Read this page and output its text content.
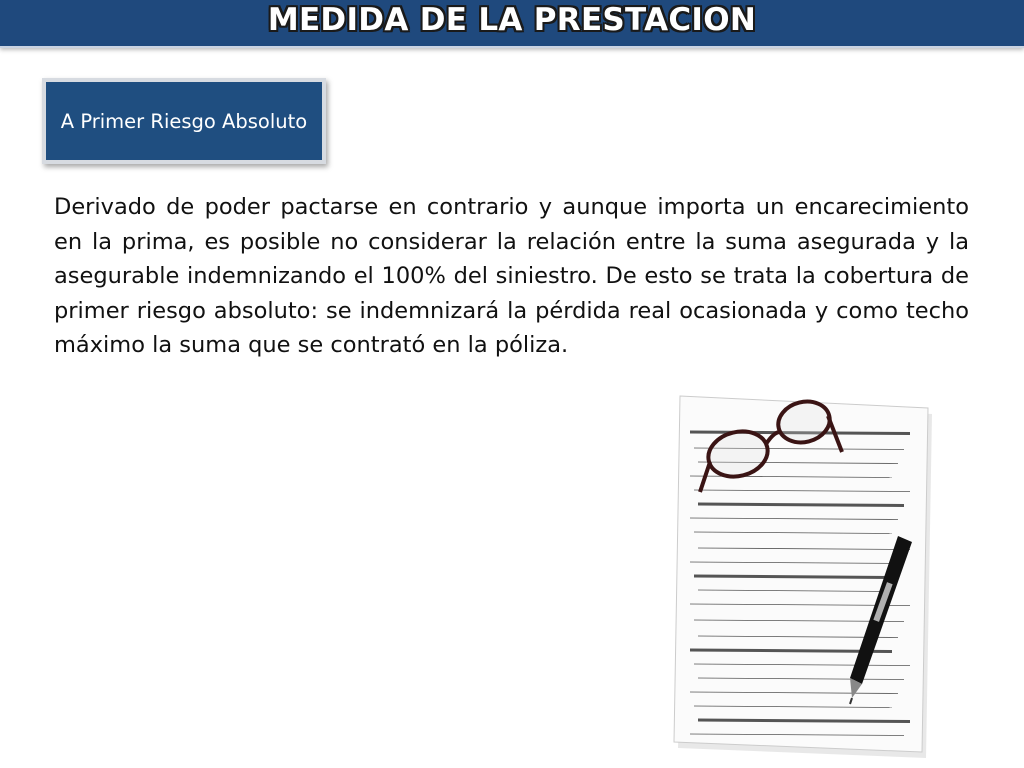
MEDIDA DE LA PRESTACION
A Primer Riesgo Absoluto

Derivado de poder pactarse en contrario y aunque importa un encarecimiento en la prima, es posible no considerar la relación entre la suma asegurada y la asegurable indemnizando el 100% del siniestro. De esto se trata la cobertura de primer riesgo absoluto: se indemnizará la pérdida real ocasionada y como techo máximo la suma que se contrató en la póliza.
